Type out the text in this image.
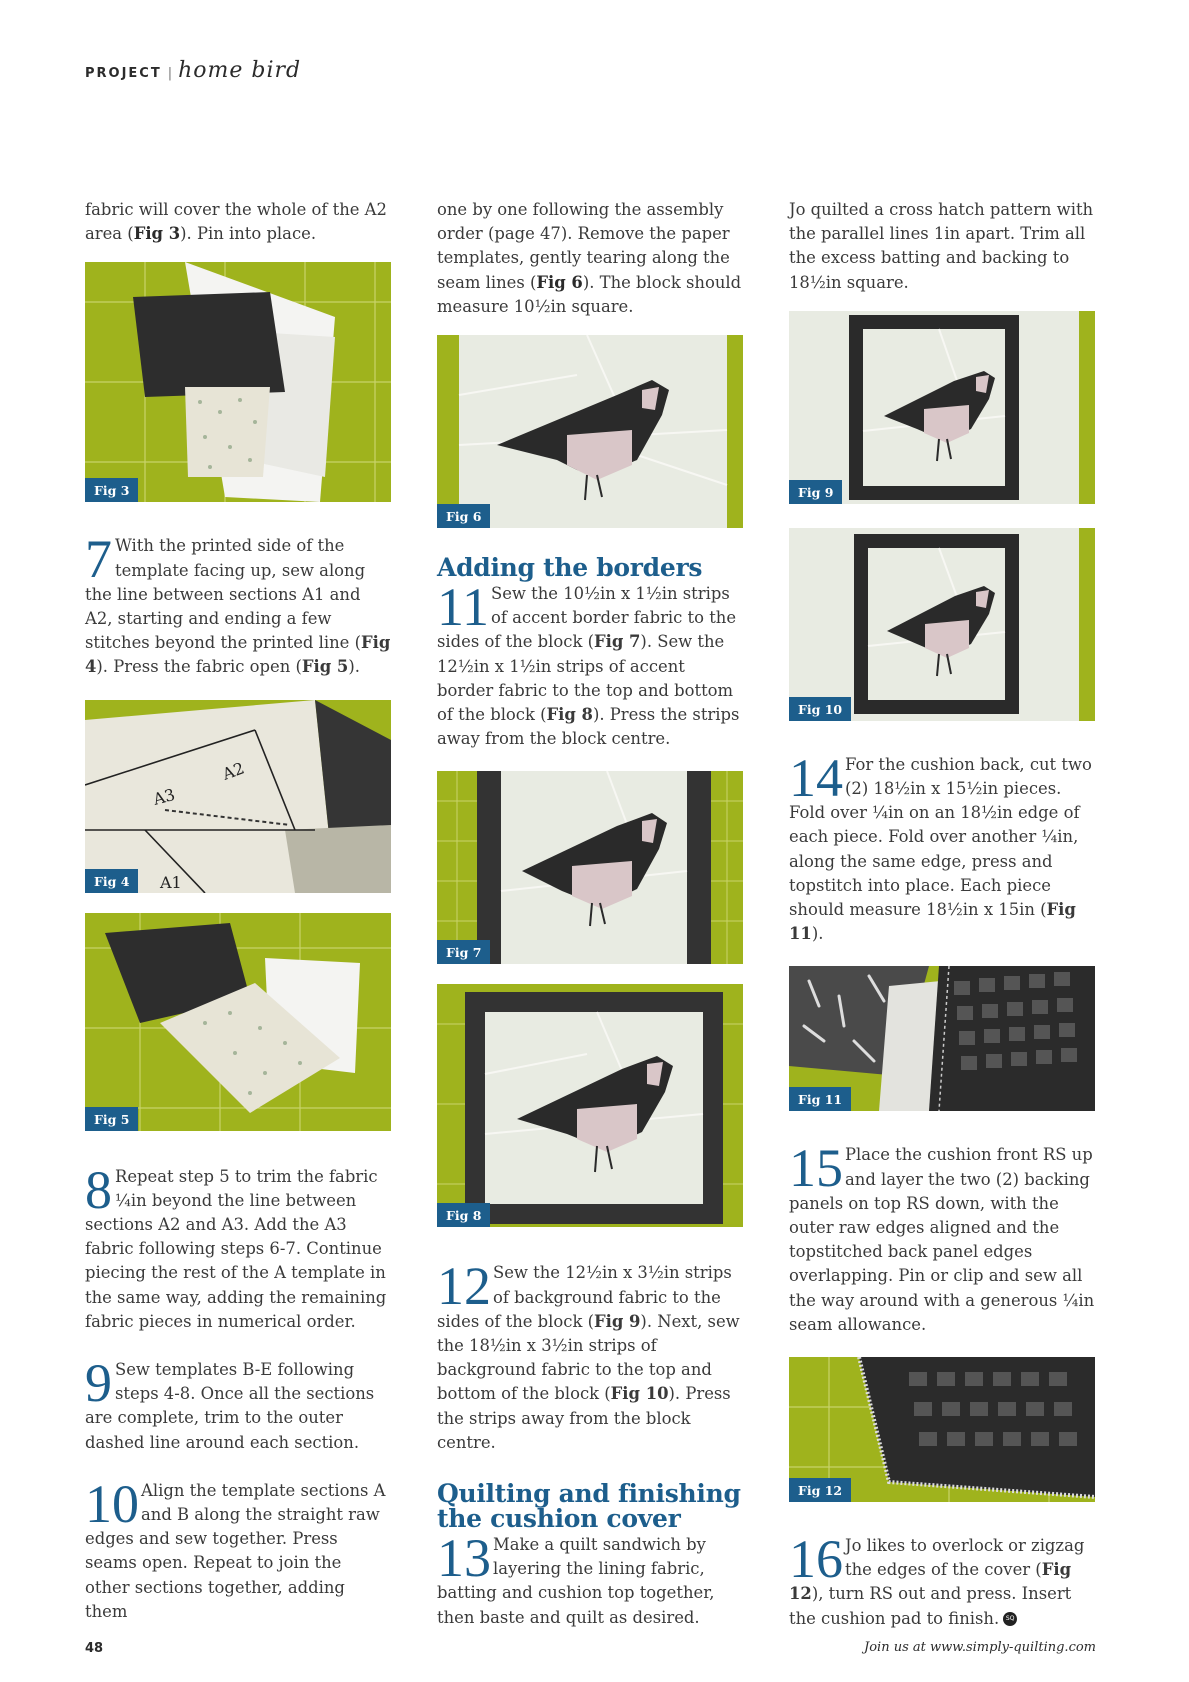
PROJECT | home bird

fabric will cover the whole of the A2 area (Fig 3). Pin into place.

Fig 3
7 With the printed side of the template facing up, sew along the line between sections A1 and A2, starting and ending a few stitches beyond the printed line (Fig 4). Press the fabric open (Fig 5).
A3
A2
A1
Fig 4
Fig 5
8 Repeat step 5 to trim the fabric ¼in beyond the line between sections A2 and A3. Add the A3 fabric following steps 6-7. Continue piecing the rest of the A template in the same way, adding the remaining fabric pieces in numerical order.
9 Sew templates B-E following steps 4-8. Once all the sections are complete, trim to the outer dashed line around each section.
10 Align the template sections A and B along the straight raw edges and sew together. Press seams open. Repeat to join the other sections together, adding them

one by one following the assembly order (page 47). Remove the paper templates, gently tearing along the seam lines (Fig 6). The block should measure 10½in square.

Fig 6
Adding the borders
11 Sew the 10½in x 1½in strips of accent border fabric to the sides of the block (Fig 7). Sew the 12½in x 1½in strips of accent border fabric to the top and bottom of the block (Fig 8). Press the strips away from the block centre.
Fig 7
Fig 8
12 Sew the 12½in x 3½in strips of background fabric to the sides of the block (Fig 9). Next, sew the 18½in x 3½in strips of background fabric to the top and bottom of the block (Fig 10). Press the strips away from the block centre.
Quilting and finishing the cushion cover
13 Make a quilt sandwich by layering the lining fabric, batting and cushion top together, then baste and quilt as desired.

Jo quilted a cross hatch pattern with the parallel lines 1in apart. Trim all the excess batting and backing to 18½in square.

Fig 9
Fig 10
14 For the cushion back, cut two (2) 18½in x 15½in pieces. Fold over ¼in on an 18½in edge of each piece. Fold over another ¼in, along the same edge, press and topstitch into place. Each piece should measure 18½in x 15in (Fig 11).
Fig 11
15 Place the cushion front RS up and layer the two (2) backing panels on top RS down, with the outer raw edges aligned and the topstitched back panel edges overlapping. Pin or clip and sew all the way around with a generous ¼in seam allowance.
Fig 12
16 Jo likes to overlock or zigzag the edges of the cover (Fig 12), turn RS out and press. Insert the cushion pad to finish. SQ
48	Join us at www.simply-quilting.com
